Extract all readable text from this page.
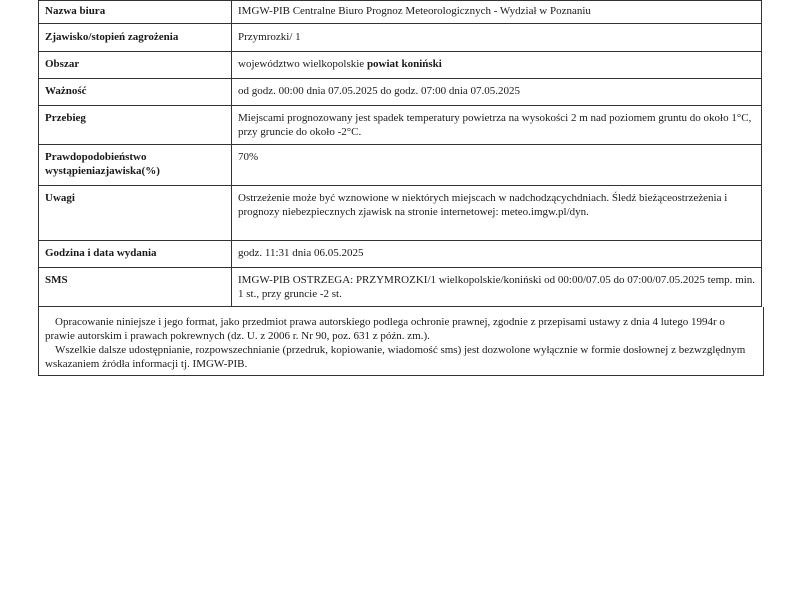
Nazwa biura	IMGW-PIB Centralne Biuro Prognoz Meteorologicznych - Wydział w Poznaniu
Zjawisko/stopień zagrożenia	Przymrozki/ 1
Obszar	województwo wielkopolskie powiat koniński
Ważność	od godz. 00:00 dnia 07.05.2025 do godz. 07:00 dnia 07.05.2025
Przebieg	Miejscami prognozowany jest spadek temperatury powietrza na wysokości 2 m nad poziomem gruntu do około 1°C, przy gruncie do około -2°C.
Prawdopodobieństwo wystąpieniazjawiska(%)	70%
Uwagi	Ostrzeżenie może być wznowione w niektórych miejscach w nadchodzącychdniach. Śledź bieżąceostrzeżenia i prognozy niebezpiecznych zjawisk na stronie internetowej: meteo.imgw.pl/dyn.
Godzina i data wydania	godz. 11:31 dnia 06.05.2025
SMS	IMGW-PIB OSTRZEGA: PRZYMROZKI/1 wielkopolskie/koniński od 00:00/07.05 do 07:00/07.05.2025 temp. min. 1 st., przy gruncie -2 st.

Opracowanie niniejsze i jego format, jako przedmiot prawa autorskiego podlega ochronie prawnej, zgodnie z przepisami ustawy z dnia 4 lutego 1994r o prawie autorskim i prawach pokrewnych (dz. U. z 2006 r. Nr 90, poz. 631 z późn. zm.).

Wszelkie dalsze udostępnianie, rozpowszechnianie (przedruk, kopiowanie, wiadomość sms) jest dozwolone wyłącznie w formie dosłownej z bezwzględnym wskazaniem źródła informacji tj. IMGW-PIB.
